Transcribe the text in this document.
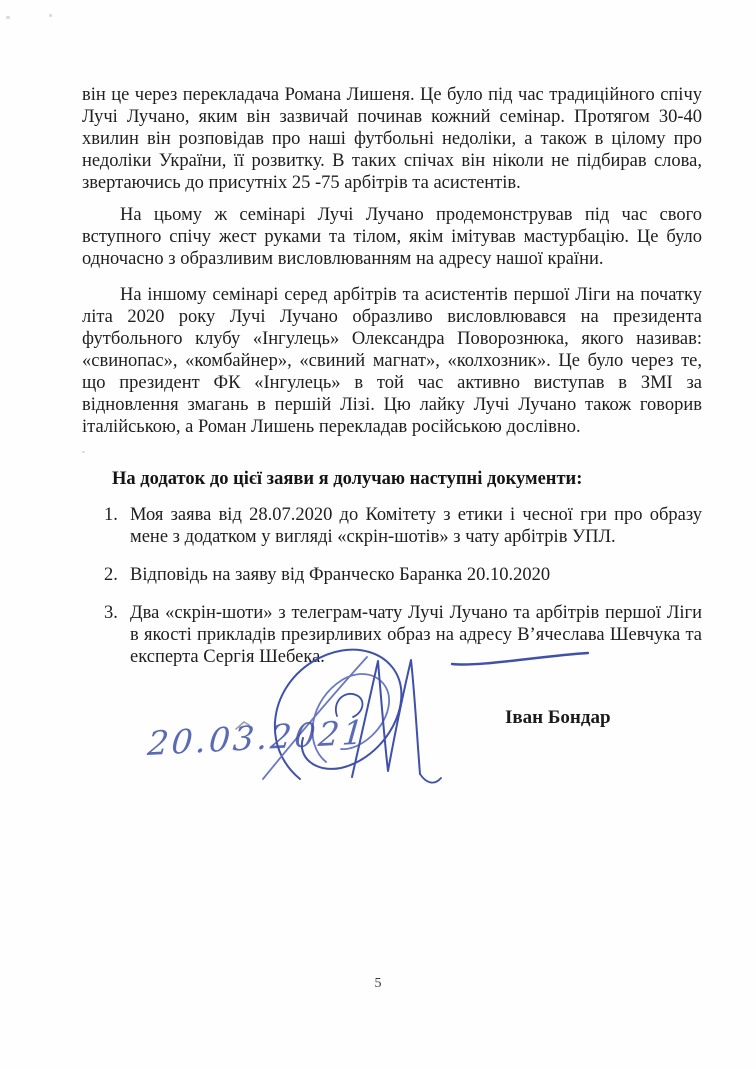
він це через перекладача Романа Лишеня. Це було під час традиційного спічу Лучі Лучано, яким він зазвичай починав кожний семінар. Протягом 30-40 хвилин він розповідав про наші футбольні недоліки, а також в цілому про недоліки України, її розвитку. В таких спічах він ніколи не підбирав слова, звертаючись до присутніх 25 -75 арбітрів та асистентів.

На цьому ж семінарі Лучі Лучано продемонстрував під час свого вступного спічу жест руками та тілом, якім імітував мастурбацію. Це було одночасно з образливим висловлюванням на адресу нашої країни.

На іншому семінарі серед арбітрів та асистентів першої Ліги на початку літа 2020 року Лучі Лучано образливо висловлювався на президента футбольного клубу «Інгулець» Олександра Поворознюка, якого називав: «свинопас», «комбайнер», «свиний магнат», «колхозник». Це було через те, що президент ФК «Інгулець» в той час активно виступав в ЗМІ за відновлення змагань в першій Лізі. Цю лайку Лучі Лучано також говорив італійською, а Роман Лишень перекладав російською дослівно.

На додаток до цієї заяви я долучаю наступні документи:
1. Моя заява від 28.07.2020 до Комітету з етики і чесної гри про образу мене з додатком у вигляді «скрін-шотів» з чату арбітрів УПЛ.
2. Відповідь на заяву від Франческо Баранка 20.10.2020
3. Два «скрін-шоти» з телеграм-чату Лучі Лучано та арбітрів першої Ліги в якості прикладів презирливих образ на адресу В’ячеслава Шевчука та експерта Сергія Шебека.
20.03.2021	Іван Бондар
5
